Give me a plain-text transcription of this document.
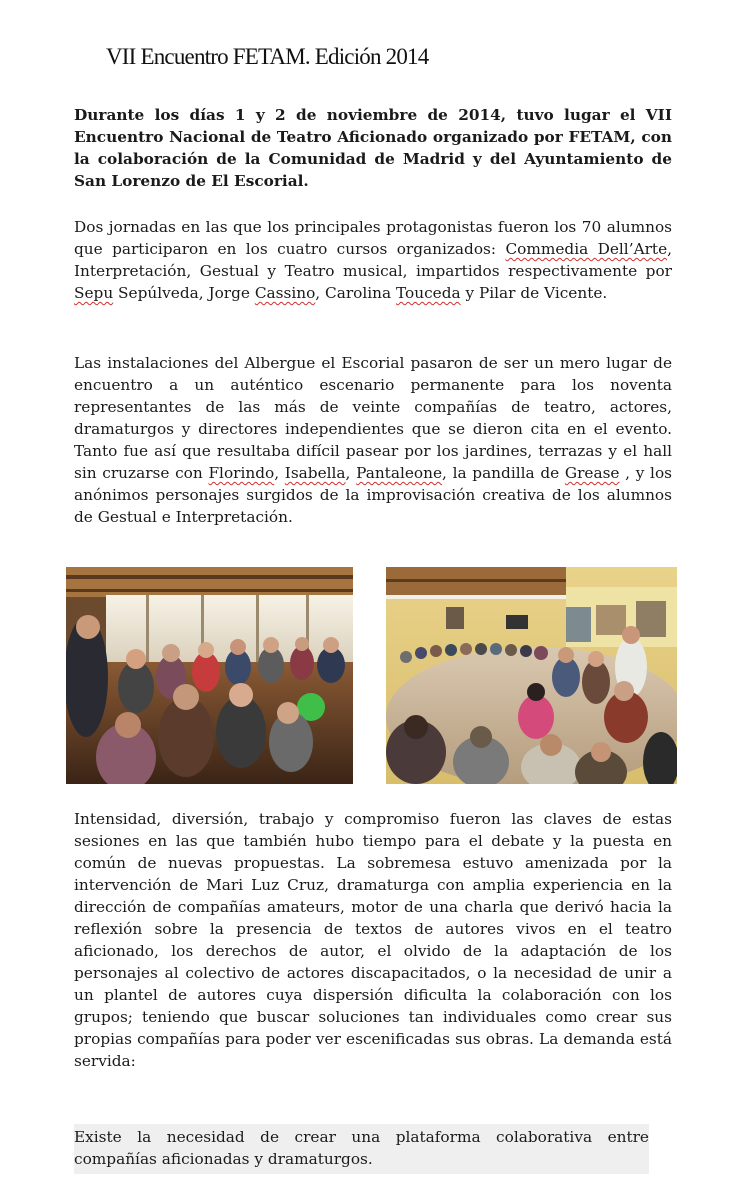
VII Encuentro FETAM. Edición 2014

Durante los días 1 y 2 de noviembre de 2014, tuvo lugar el VII Encuentro Nacional de Teatro Aficionado organizado por FETAM, con la colaboración de la Comunidad de Madrid y del Ayuntamiento de San Lorenzo de El Escorial.

Dos jornadas en las que los principales protagonistas fueron los 70 alumnos que participaron en los cuatro cursos organizados: Commedia Dell’Arte, Interpretación, Gestual y Teatro musical, impartidos respectivamente por Sepu Sepúlveda, Jorge Cassino, Carolina Touceda y Pilar de Vicente.

Las instalaciones del Albergue el Escorial pasaron de ser un mero lugar de encuentro a un auténtico escenario permanente para los noventa representantes de las más de veinte compañías de teatro, actores, dramaturgos y directores independientes que se dieron cita en el evento. Tanto fue así que resultaba difícil pasear por los jardines, terrazas y el hall sin cruzarse con Florindo, Isabella, Pantaleone, la pandilla de Grease , y los anónimos personajes surgidos de la improvisación creativa de los alumnos de Gestual e Interpretación.

Intensidad, diversión, trabajo y compromiso fueron las claves de estas sesiones en las que también hubo tiempo para el debate y la puesta en común de nuevas propuestas. La sobremesa estuvo amenizada por la intervención de Mari Luz Cruz, dramaturga con amplia experiencia en la dirección de compañías amateurs, motor de una charla que derivó hacia la reflexión sobre la presencia de textos de autores vivos en el teatro aficionado, los derechos de autor, el olvido de la adaptación de los personajes al colectivo de actores discapacitados, o la necesidad de unir a un plantel de autores cuya dispersión dificulta la colaboración con los grupos; teniendo que buscar soluciones tan individuales como crear sus propias compañías para poder ver escenificadas sus obras. La demanda está servida:

Existe la necesidad de crear una plataforma colaborativa entre compañías aficionadas y dramaturgos.
